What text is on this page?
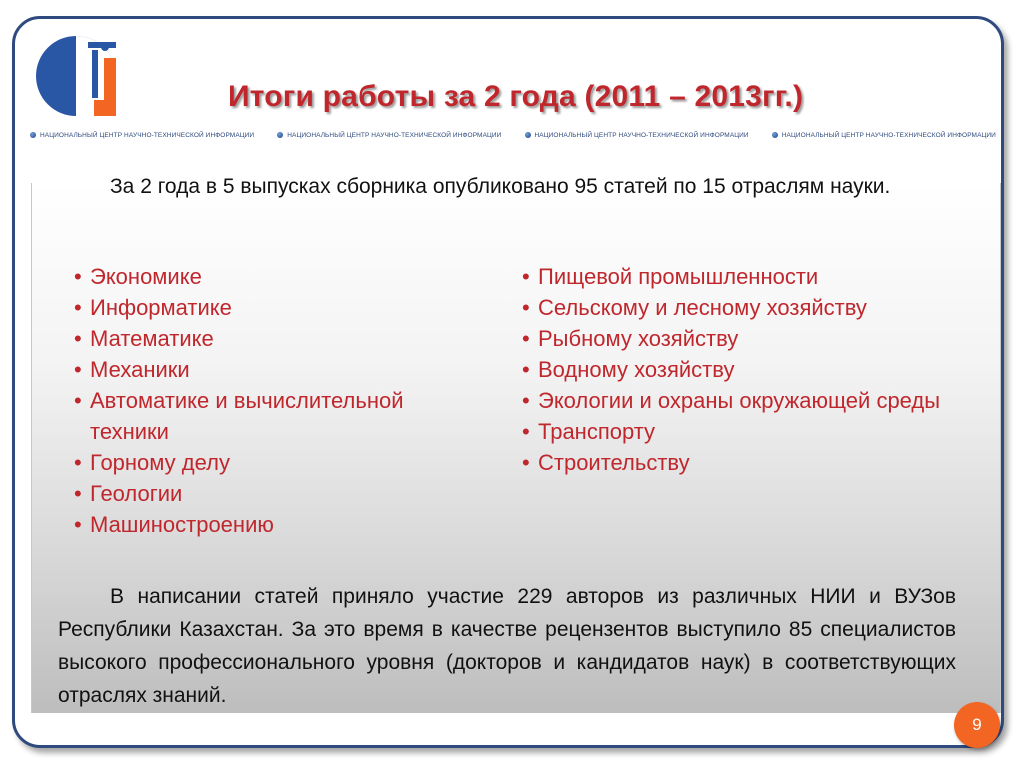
Итоги работы за 2 года (2011 – 2013гг.)
НАЦИОНАЛЬНЫЙ ЦЕНТР НАУЧНО-ТЕХНИЧЕСКОЙ ИНФОРМАЦИИ	НАЦИОНАЛЬНЫЙ ЦЕНТР НАУЧНО-ТЕХНИЧЕСКОЙ ИНФОРМАЦИИ	НАЦИОНАЛЬНЫЙ ЦЕНТР НАУЧНО-ТЕХНИЧЕСКОЙ ИНФОРМАЦИИ	НАЦИОНАЛЬНЫЙ ЦЕНТР НАУЧНО-ТЕХНИЧЕСКОЙ ИНФОРМАЦИИ
За 2 года в 5 выпусках сборника опубликовано 95 статей по 15 отраслям науки.
• Экономике
• Информатике
• Математике
• Механики
• Автоматике и вычислительной техники
• Горному делу
• Геологии
• Машиностроению
• Пищевой промышленности
• Сельскому и лесному хозяйству
• Рыбному хозяйству
• Водному хозяйству
• Экологии и охраны окружающей среды
• Транспорту
• Строительству
В написании статей приняло участие 229 авторов из различных НИИ и ВУЗов Республики Казахстан. За это время в качестве рецензентов выступило 85 специалистов высокого профессионального уровня (докторов и кандидатов наук) в соответствующих отраслях знаний.
9
